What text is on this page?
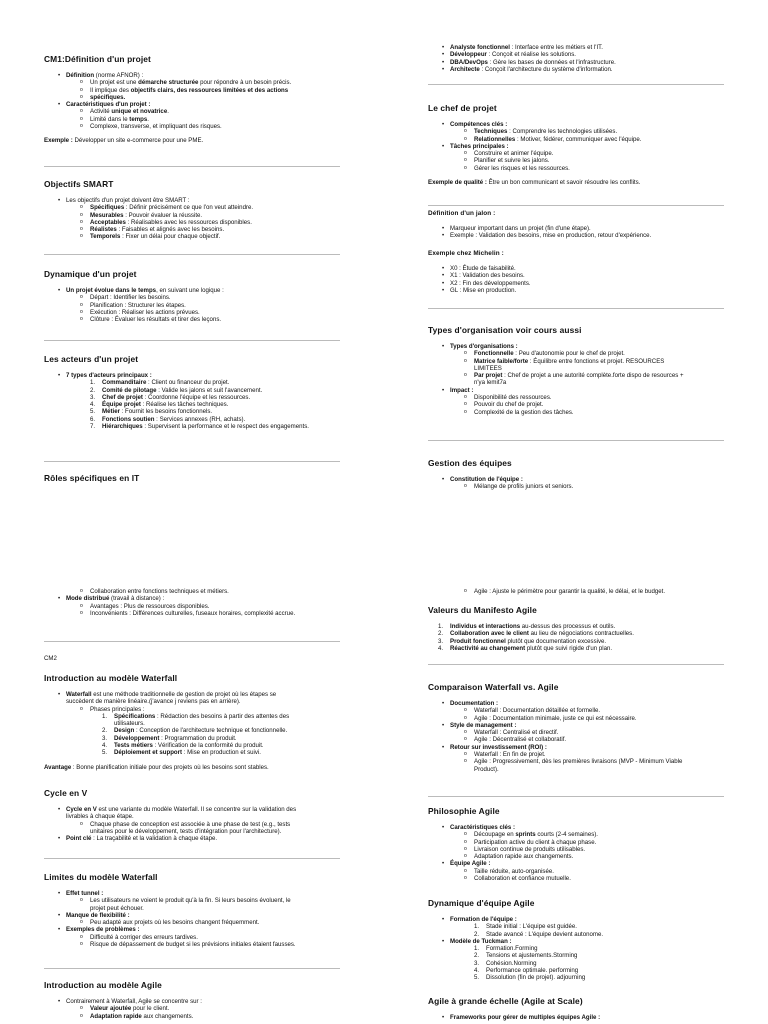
CM1:Définition d'un projet

• Définition (norme AFNOR) :

o Un projet est une démarche structurée pour répondre à un besoin précis.

o Il implique des objectifs clairs, des ressources limitées et des actions

o spécifiques.

• Caractéristiques d'un projet :

o Activité unique et novatrice.

o Limité dans le temps.

o Complexe, transverse, et impliquant des risques.

Exemple : Développer un site e-commerce pour une PME.

Objectifs SMART

• Les objectifs d'un projet doivent être SMART :

o Spécifiques : Définir précisément ce que l'on veut atteindre.

o Mesurables : Pouvoir évaluer la réussite.

o Acceptables : Réalisables avec les ressources disponibles.

o Réalistes : Faisables et alignés avec les besoins.

o Temporels : Fixer un délai pour chaque objectif.

Dynamique d'un projet

• Un projet évolue dans le temps, en suivant une logique :

o Départ : Identifier les besoins.

o Planification : Structurer les étapes.

o Exécution : Réaliser les actions prévues.

o Clôture : Évaluer les résultats et tirer des leçons.

Les acteurs d'un projet

• 7 types d'acteurs principaux :

1. Commanditaire : Client ou financeur du projet.

2. Comité de pilotage : Valide les jalons et suit l'avancement.

3. Chef de projet : Coordonne l'équipe et les ressources.

4. Équipe projet : Réalise les tâches techniques.

5. Métier : Fournit les besoins fonctionnels.

6. Fonctions soutien : Services annexes (RH, achats).

7. Hiérarchiques : Supervisent la performance et le respect des engagements.

Rôles spécifiques en IT

o Collaboration entre fonctions techniques et métiers.

• Mode distribué (travail à distance) :

o Avantages : Plus de ressources disponibles.

o Inconvénients : Différences culturelles, fuseaux horaires, complexité accrue.

CM2

Introduction au modèle Waterfall

• Waterfall est une méthode traditionnelle de gestion de projet où les étapes se

succèdent de manière linéaire.(j'avance j reviens pas en arrière).

o Phases principales :

1. Spécifications : Rédaction des besoins à partir des attentes des

utilisateurs.

2. Design : Conception de l'architecture technique et fonctionnelle.

3. Développement : Programmation du produit.

4. Tests métiers : Vérification de la conformité du produit.

5. Déploiement et support : Mise en production et suivi.

Avantage : Bonne planification initiale pour des projets où les besoins sont stables.

Cycle en V

• Cycle en V est une variante du modèle Waterfall. Il se concentre sur la validation des

livrables à chaque étape.

o Chaque phase de conception est associée à une phase de test (e.g., tests

unitaires pour le développement, tests d'intégration pour l'architecture).

• Point clé : La traçabilité et la validation à chaque étape.

Limites du modèle Waterfall

• Effet tunnel :

o Les utilisateurs ne voient le produit qu'à la fin. Si leurs besoins évoluent, le

projet peut échouer.

• Manque de flexibilité :

o Peu adapté aux projets où les besoins changent fréquemment.

• Exemples de problèmes :

o Difficulté à corriger des erreurs tardives.

o Risque de dépassement de budget si les prévisions initiales étaient fausses.

Introduction au modèle Agile

• Contrairement à Waterfall, Agile se concentre sur :

o Valeur ajoutée pour le client.

o Adaptation rapide aux changements.

• Analyste fonctionnel : Interface entre les métiers et l'IT.

• Développeur : Conçoit et réalise les solutions.

• DBA/DevOps : Gère les bases de données et l'infrastructure.

• Architecte : Conçoit l'architecture du système d'information.

Le chef de projet

• Compétences clés :

o Techniques : Comprendre les technologies utilisées.

o Relationnelles : Motiver, fédérer, communiquer avec l'équipe.

• Tâches principales :

o Construire et animer l'équipe.

o Planifier et suivre les jalons.

o Gérer les risques et les ressources.

Exemple de qualité : Être un bon communicant et savoir résoudre les conflits.

Définition d'un jalon :

• Marqueur important dans un projet (fin d'une étape).

• Exemple : Validation des besoins, mise en production, retour d'expérience.

Exemple chez Michelin :

• X0 : Étude de faisabilité.

• X1 : Validation des besoins.

• X2 : Fin des développements.

• GL : Mise en production.

Types d'organisation voir cours aussi

• Types d'organisations :

o Fonctionnelle : Peu d'autonomie pour le chef de projet.

o Matrice faible/forte : Équilibre entre fonctions et projet. RESOURCES

LIMITEES

o Par projet : Chef de projet a une autorité complète.forte dispo de resources +

n'ya lemit7a

• Impact :

o Disponibilité des ressources.

o Pouvoir du chef de projet.

o Complexité de la gestion des tâches.

Gestion des équipes

• Constitution de l'équipe :

o Mélange de profils juniors et seniors.

o Agile : Ajuste le périmètre pour garantir la qualité, le délai, et le budget.

Valeurs du Manifesto Agile

1. Individus et interactions au-dessus des processus et outils.

2. Collaboration avec le client au lieu de négociations contractuelles.

3. Produit fonctionnel plutôt que documentation excessive.

4. Réactivité au changement plutôt que suivi rigide d'un plan.

Comparaison Waterfall vs. Agile

• Documentation :

o Waterfall : Documentation détaillée et formelle.

o Agile : Documentation minimale, juste ce qui est nécessaire.

• Style de management :

o Waterfall : Centralisé et directif.

o Agile : Décentralisé et collaboratif.

• Retour sur investissement (ROI) :

o Waterfall : En fin de projet.

o Agile : Progressivement, dès les premières livraisons (MVP - Minimum Viable

Product).

Philosophie Agile

• Caractéristiques clés :

o Découpage en sprints courts (2-4 semaines).

o Participation active du client à chaque phase.

o Livraison continue de produits utilisables.

o Adaptation rapide aux changements.

• Équipe Agile :

o Taille réduite, auto-organisée.

o Collaboration et confiance mutuelle.

Dynamique d'équipe Agile

• Formation de l'équipe :

1. Stade initial : L'équipe est guidée.

2. Stade avancé : L'équipe devient autonome.

• Modèle de Tuckman :

1. Formation.Forming

2. Tensions et ajustements.Storming

3. Cohésion.Norming

4. Performance optimale. performing

5. Dissolution (fin de projet). adjourning

Agile à grande échelle (Agile at Scale)

• Frameworks pour gérer de multiples équipes Agile :
